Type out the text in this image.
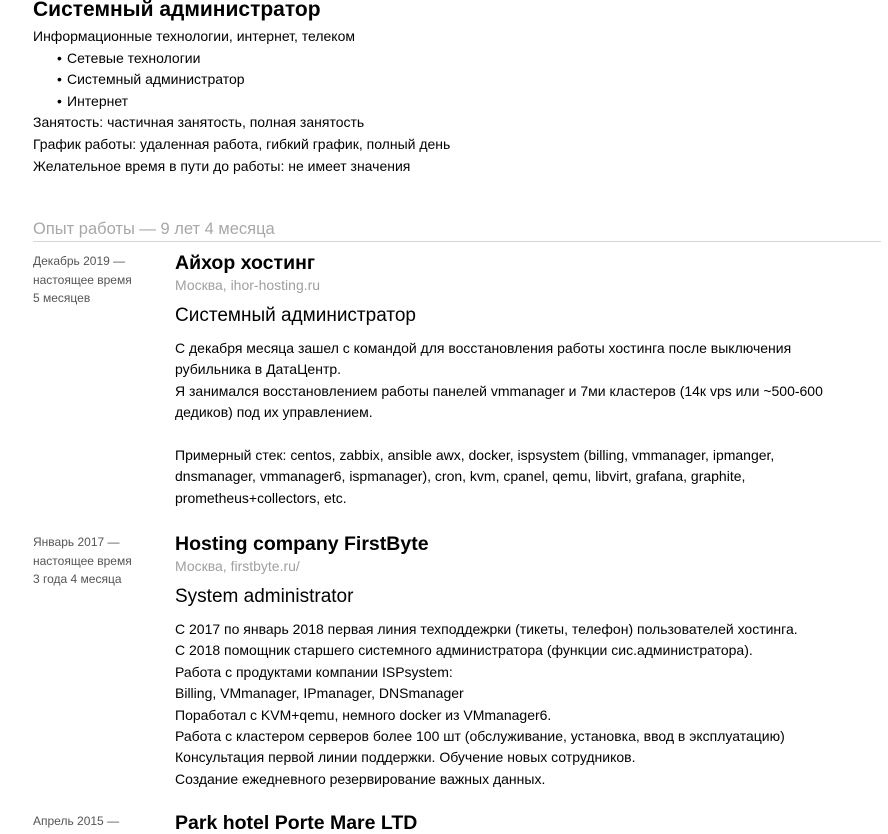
Системный администратор
Информационные технологии, интернет, телеком
• Сетевые технологии
• Системный администратор
• Интернет
Занятость: частичная занятость, полная занятость
График работы: удаленная работа, гибкий график, полный день
Желательное время в пути до работы: не имеет значения
Опыт работы — 9 лет 4 месяца
Декабрь 2019 —
настоящее время
5 месяцев
Айхор хостинг
Москва, ihor-hosting.ru
Системный администратор
С декабря месяца зашел с командой для восстановления работы хостинга после выключения
рубильника в ДатаЦентр.
Я занимался восстановлением работы панелей vmmanager и 7ми кластеров (14к vps или ~500-600
дедиков) под их управлением.
Примерный стек: centos, zabbix, ansible awx, docker, ispsystem (billing, vmmanager, ipmanger,
dnsmanager, vmmanager6, ispmanager), cron, kvm, cpanel, qemu, libvirt, grafana, graphite,
prometheus+collectors, etc.
Январь 2017 —
настоящее время
3 года 4 месяца
Hosting company FirstByte
Москва, firstbyte.ru/
System administrator
С 2017 по январь 2018 первая линия техподдежрки (тикеты, телефон) пользователей хостинга.
С 2018 помощник старшего системного администратора (функции сис.администратора).
Работа с продуктами компании ISPsystem:
Billing, VMmanager, IPmanager, DNSmanager
Поработал с KVM+qemu, немного docker из VMmanager6.
Работа с кластером серверов более 100 шт (обслуживание, установка, ввод в эксплуатацию)
Консультация первой линии поддержки. Обучение новых сотрудников.
Создание ежедневного резервирование важных данных.
Апрель 2015 —	Park hotel Porte Mare LTD
